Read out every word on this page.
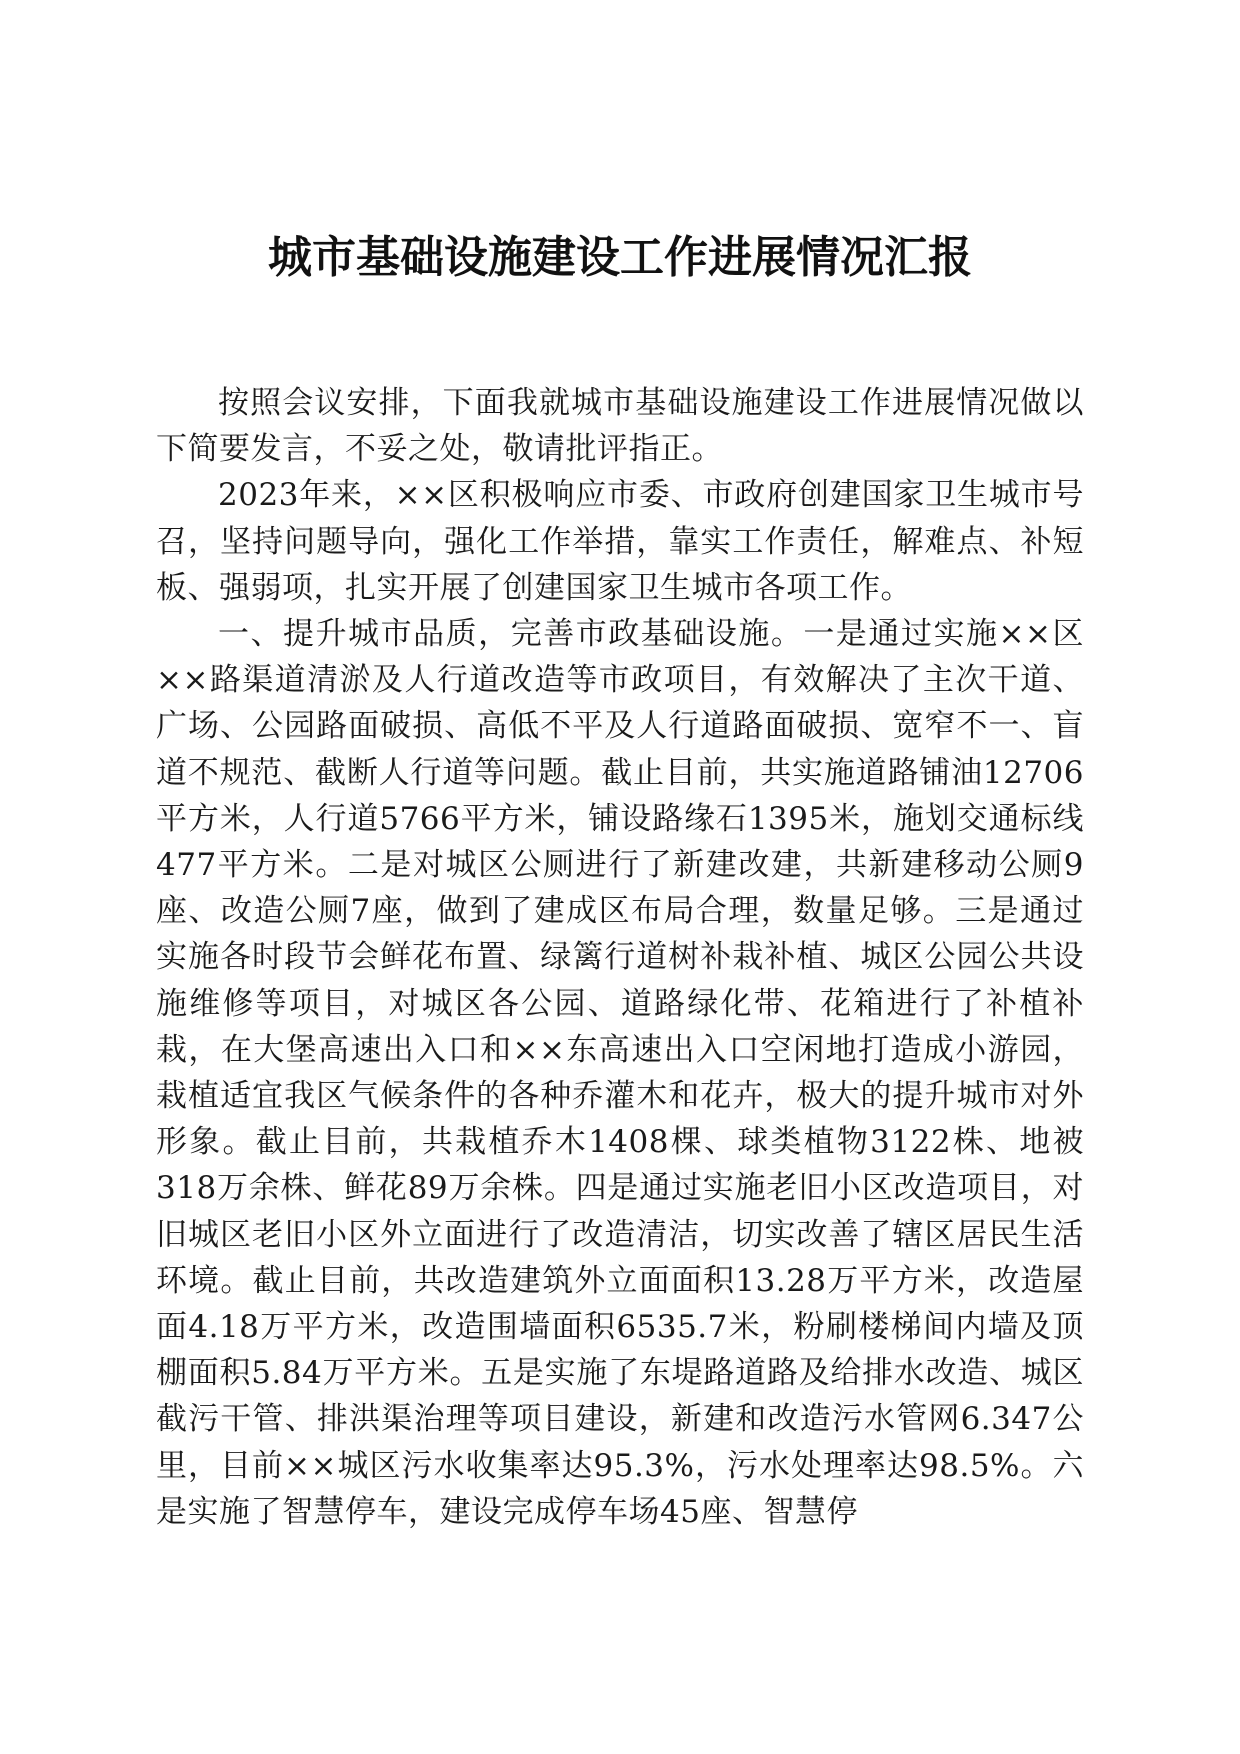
城市基础设施建设工作进展情况汇报

按照会议安排，下面我就城市基础设施建设工作进展情况做以下简要发言，不妥之处，敬请批评指正。

2023年来，××区积极响应市委、市政府创建国家卫生城市号召，坚持问题导向，强化工作举措，靠实工作责任，解难点、补短板、强弱项，扎实开展了创建国家卫生城市各项工作。

一、提升城市品质，完善市政基础设施。一是通过实施××区××路渠道清淤及人行道改造等市政项目，有效解决了主次干道、广场、公园路面破损、高低不平及人行道路面破损、宽窄不一、盲道不规范、截断人行道等问题。截止目前，共实施道路铺油12706平方米，人行道5766平方米，铺设路缘石1395米，施划交通标线477平方米。二是对城区公厕进行了新建改建，共新建移动公厕9座、改造公厕7座，做到了建成区布局合理，数量足够。三是通过实施各时段节会鲜花布置、绿篱行道树补栽补植、城区公园公共设施维修等项目，对城区各公园、道路绿化带、花箱进行了补植补栽，在大堡高速出入口和××东高速出入口空闲地打造成小游园，栽植适宜我区气候条件的各种乔灌木和花卉，极大的提升城市对外形象。截止目前，共栽植乔木1408棵、球类植物3122株、地被318万余株、鲜花89万余株。四是通过实施老旧小区改造项目，对旧城区老旧小区外立面进行了改造清洁，切实改善了辖区居民生活环境。截止目前，共改造建筑外立面面积13.28万平方米，改造屋面4.18万平方米，改造围墙面积6535.7米，粉刷楼梯间内墙及顶棚面积5.84万平方米。五是实施了东堤路道路及给排水改造、城区截污干管、排洪渠治理等项目建设，新建和改造污水管网6.347公里，目前××城区污水收集率达95.3%，污水处理率达98.5%。六是实施了智慧停车，建设完成停车场45座、智慧停
